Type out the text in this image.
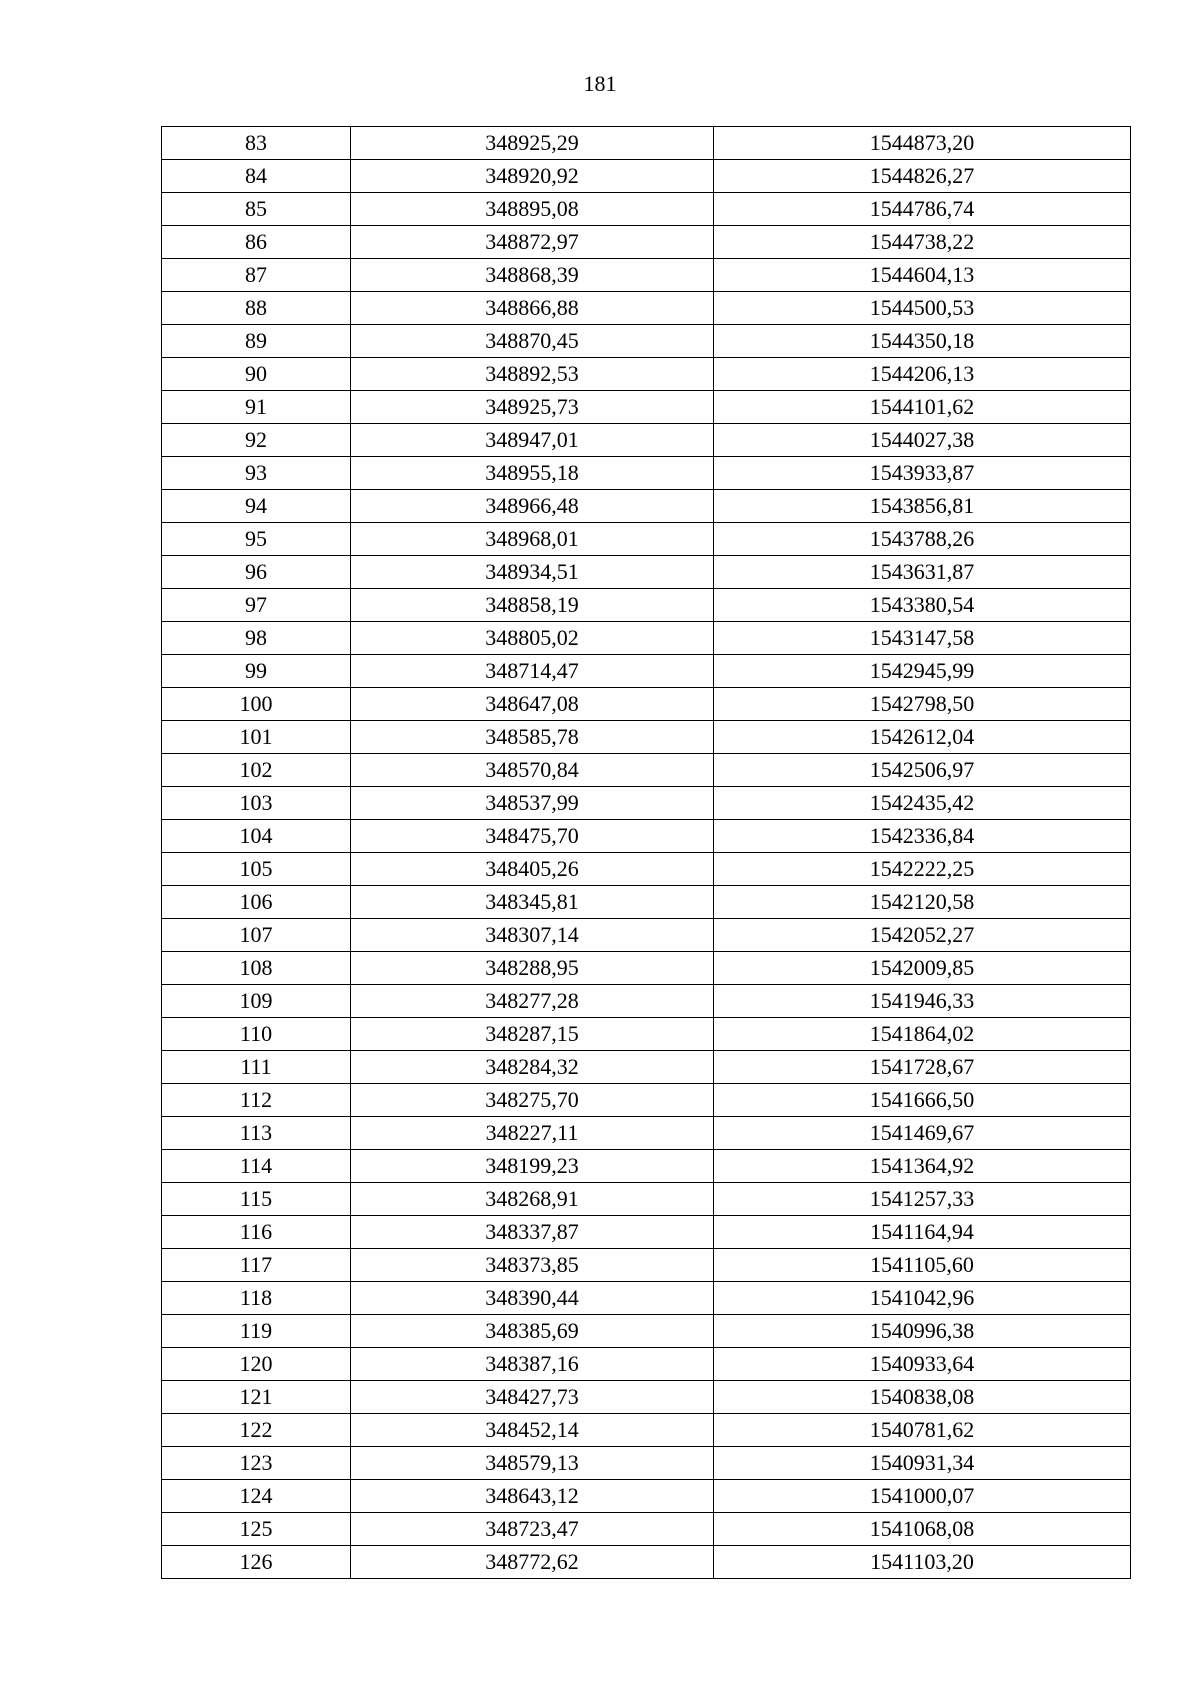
181
83	348925,29	1544873,20
84	348920,92	1544826,27
85	348895,08	1544786,74
86	348872,97	1544738,22
87	348868,39	1544604,13
88	348866,88	1544500,53
89	348870,45	1544350,18
90	348892,53	1544206,13
91	348925,73	1544101,62
92	348947,01	1544027,38
93	348955,18	1543933,87
94	348966,48	1543856,81
95	348968,01	1543788,26
96	348934,51	1543631,87
97	348858,19	1543380,54
98	348805,02	1543147,58
99	348714,47	1542945,99
100	348647,08	1542798,50
101	348585,78	1542612,04
102	348570,84	1542506,97
103	348537,99	1542435,42
104	348475,70	1542336,84
105	348405,26	1542222,25
106	348345,81	1542120,58
107	348307,14	1542052,27
108	348288,95	1542009,85
109	348277,28	1541946,33
110	348287,15	1541864,02
111	348284,32	1541728,67
112	348275,70	1541666,50
113	348227,11	1541469,67
114	348199,23	1541364,92
115	348268,91	1541257,33
116	348337,87	1541164,94
117	348373,85	1541105,60
118	348390,44	1541042,96
119	348385,69	1540996,38
120	348387,16	1540933,64
121	348427,73	1540838,08
122	348452,14	1540781,62
123	348579,13	1540931,34
124	348643,12	1541000,07
125	348723,47	1541068,08
126	348772,62	1541103,20
